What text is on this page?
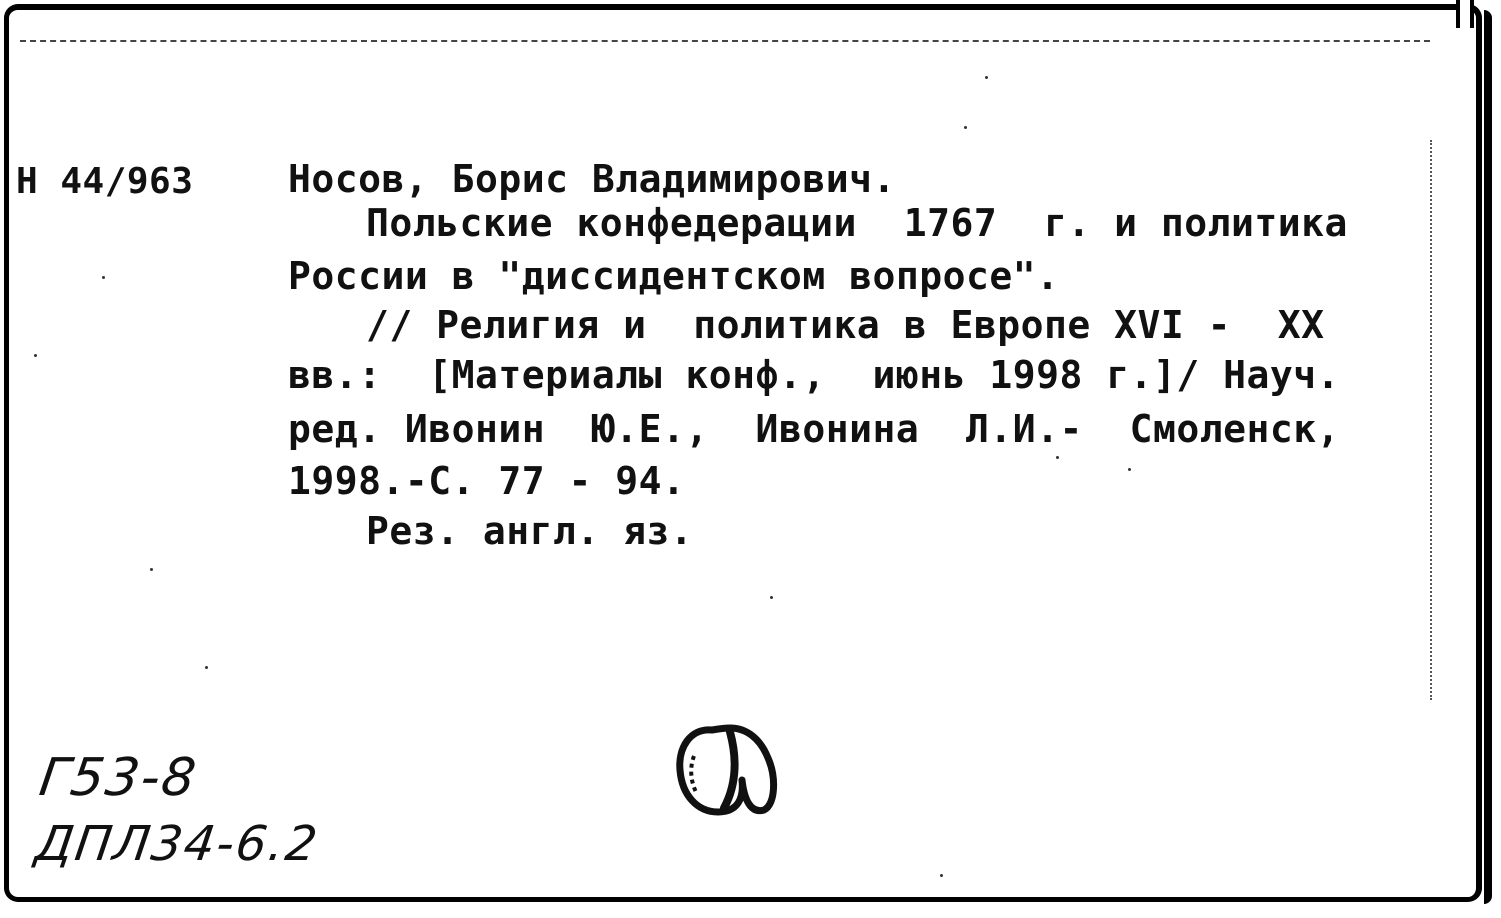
Н 44/963 Носов, Борис Владимирович.
Польские конфедерации  1767  г. и политика
России в "диссидентском вопросе".
// Религия и  политика в Европе XVI -  XX
вв.:  [Материалы конф.,  июнь 1998 г.]/ Науч.
ред. Ивонин  Ю.Е.,  Ивонина  Л.И.-  Смоленск,
1998.-С. 77 - 94.
Рез. англ. яз.
Г53-8
ДПЛ34-6.2
